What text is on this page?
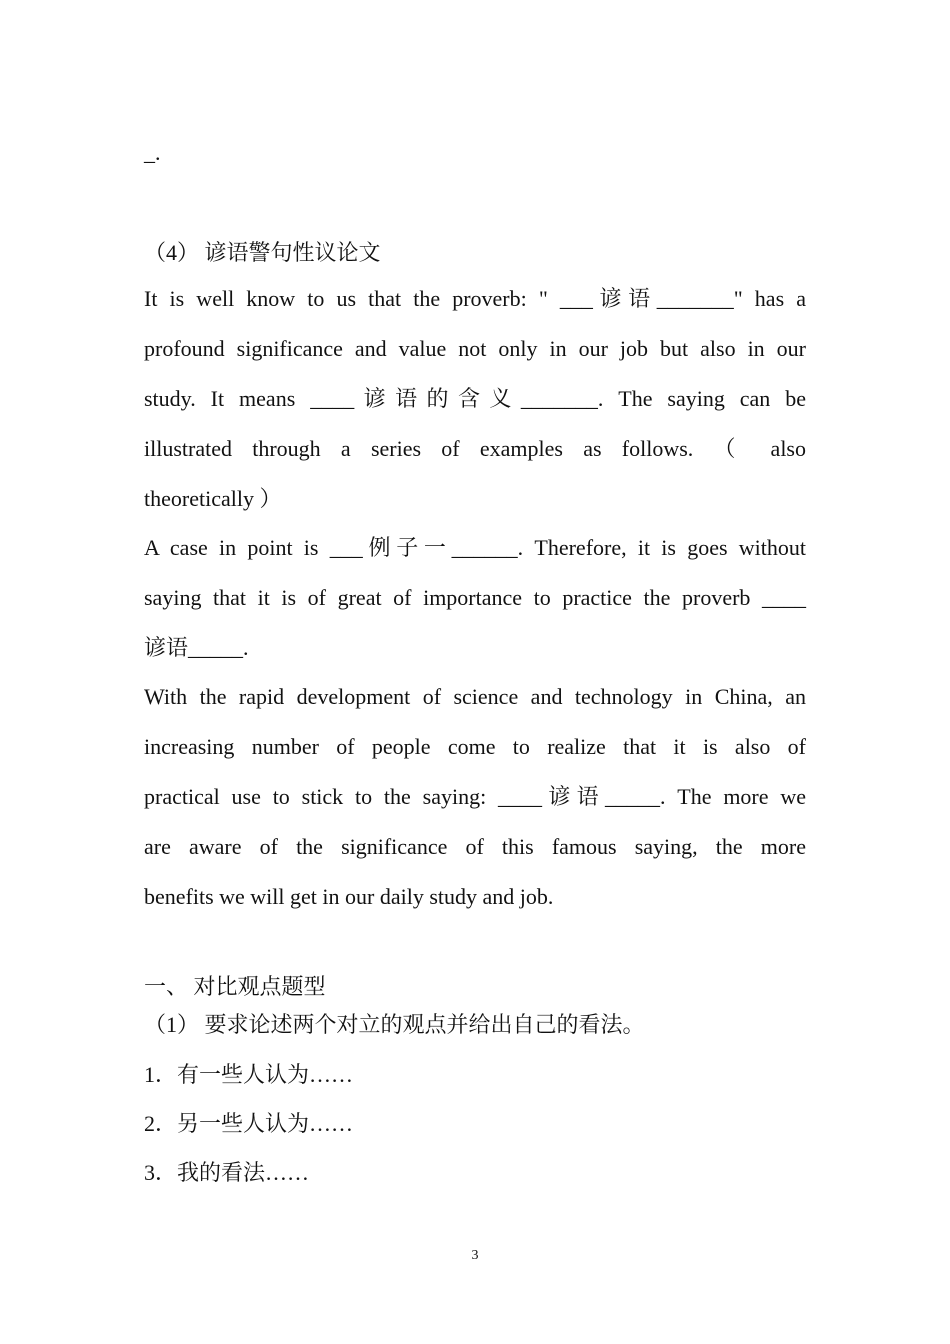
_.
（4） 谚语警句性议论文
It is well know to us that the proverb: " ___谚语_______" has a
profound significance and value not only in our job but also in our
study. It means ____谚语的含义_______. The saying can be
illustrated through a series of examples as follows. （ also
theoretically ）
A case in point is ___例子一______. Therefore, it is goes without
saying that it is of great of importance to practice the proverb ____
谚语_____.
With the rapid development of science and technology in China, an
increasing number of people come to realize that it is also of
practical use to stick to the saying: ____谚语_____. The more we
are aware of the significance of this famous saying, the more
benefits we will get in our daily study and job.
一、 对比观点题型
（1） 要求论述两个对立的观点并给出自己的看法。
1．有一些人认为……
2．另一些人认为……
3．我的看法……
3
